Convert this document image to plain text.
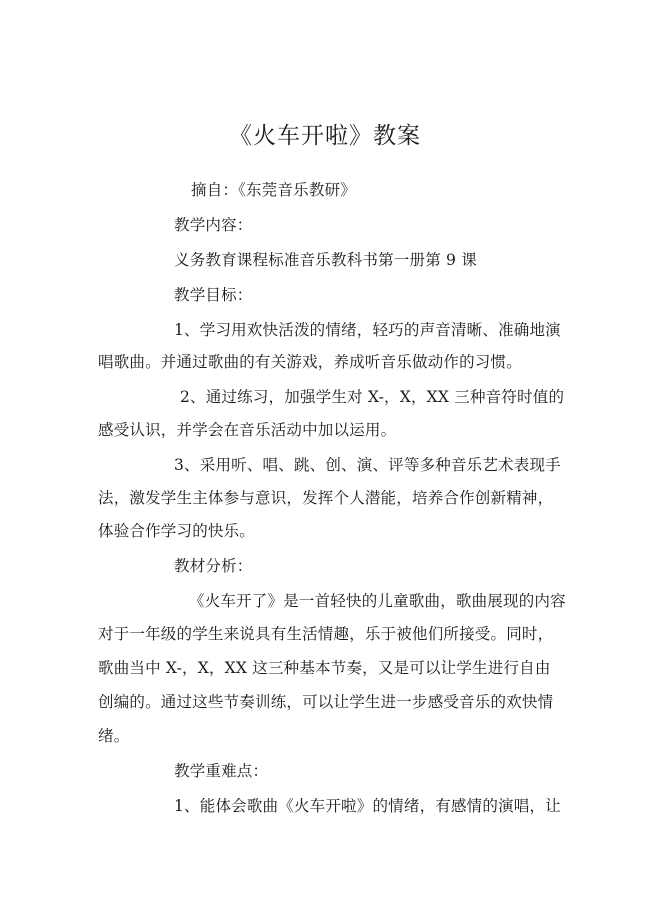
《火车开啦》教案
摘自：《东莞音乐教研》
教学内容：
义务教育课程标准音乐教科书第一册第 9 课
教学目标：
1、学习用欢快活泼的情绪，轻巧的声音清晰、准确地演
唱歌曲。并通过歌曲的有关游戏，养成听音乐做动作的习惯。
2、通过练习，加强学生对 X-，X，XX 三种音符时值的
感受认识，并学会在音乐活动中加以运用。
3、采用听、唱、跳、创、演、评等多种音乐艺术表现手
法，激发学生主体参与意识，发挥个人潜能，培养合作创新精神，
体验合作学习的快乐。
教材分析：
《火车开了》是一首轻快的儿童歌曲，歌曲展现的内容
对于一年级的学生来说具有生活情趣，乐于被他们所接受。同时，
歌曲当中 X-，X，XX 这三种基本节奏，又是可以让学生进行自由
创编的。通过这些节奏训练，可以让学生进一步感受音乐的欢快情
绪。
教学重难点：
1、能体会歌曲《火车开啦》的情绪，有感情的演唱，让
